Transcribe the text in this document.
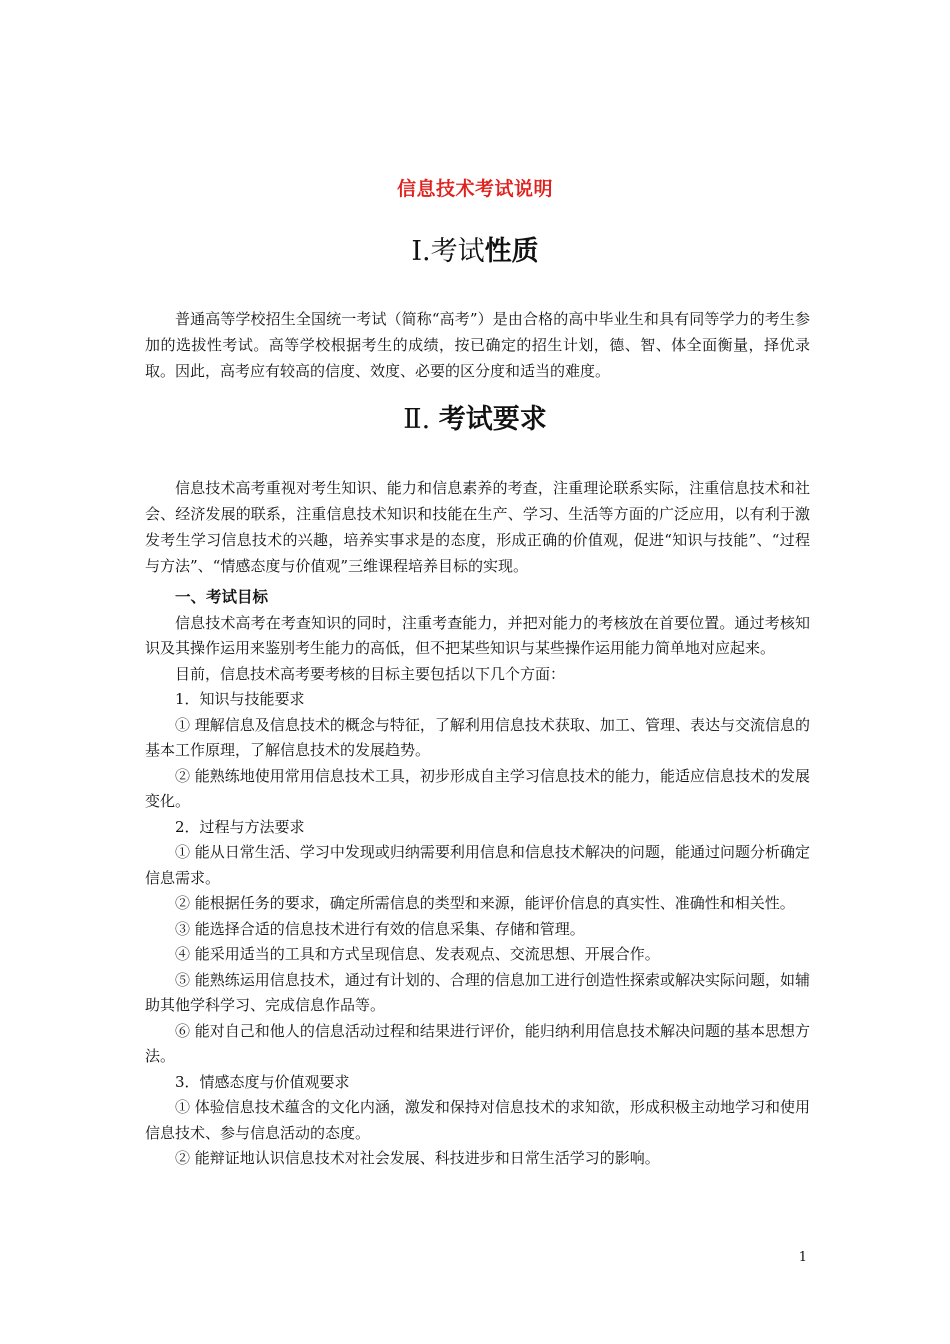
信息技术考试说明
Ⅰ.考试性质

普通高等学校招生全国统一考试（简称“高考”）是由合格的高中毕业生和具有同等学力的考生参加的选拔性考试。高等学校根据考生的成绩，按已确定的招生计划，德、智、体全面衡量，择优录取。因此，高考应有较高的信度、效度、必要的区分度和适当的难度。

Ⅱ. 考试要求

信息技术高考重视对考生知识、能力和信息素养的考查，注重理论联系实际，注重信息技术和社会、经济发展的联系，注重信息技术知识和技能在生产、学习、生活等方面的广泛应用，以有利于激发考生学习信息技术的兴趣，培养实事求是的态度，形成正确的价值观，促进“知识与技能”、“过程与方法”、“情感态度与价值观”三维课程培养目标的实现。

一、考试目标

信息技术高考在考查知识的同时，注重考查能力，并把对能力的考核放在首要位置。通过考核知识及其操作运用来鉴别考生能力的高低，但不把某些知识与某些操作运用能力简单地对应起来。

目前，信息技术高考要考核的目标主要包括以下几个方面：

1．知识与技能要求

① 理解信息及信息技术的概念与特征，了解利用信息技术获取、加工、管理、表达与交流信息的基本工作原理，了解信息技术的发展趋势。

② 能熟练地使用常用信息技术工具，初步形成自主学习信息技术的能力，能适应信息技术的发展变化。

2．过程与方法要求

① 能从日常生活、学习中发现或归纳需要利用信息和信息技术解决的问题，能通过问题分析确定信息需求。

② 能根据任务的要求，确定所需信息的类型和来源，能评价信息的真实性、准确性和相关性。

③ 能选择合适的信息技术进行有效的信息采集、存储和管理。

④ 能采用适当的工具和方式呈现信息、发表观点、交流思想、开展合作。

⑤ 能熟练运用信息技术，通过有计划的、合理的信息加工进行创造性探索或解决实际问题，如辅助其他学科学习、完成信息作品等。

⑥ 能对自己和他人的信息活动过程和结果进行评价，能归纳利用信息技术解决问题的基本思想方法。

3．情感态度与价值观要求

① 体验信息技术蕴含的文化内涵，激发和保持对信息技术的求知欲，形成积极主动地学习和使用信息技术、参与信息活动的态度。

② 能辩证地认识信息技术对社会发展、科技进步和日常生活学习的影响。

1
